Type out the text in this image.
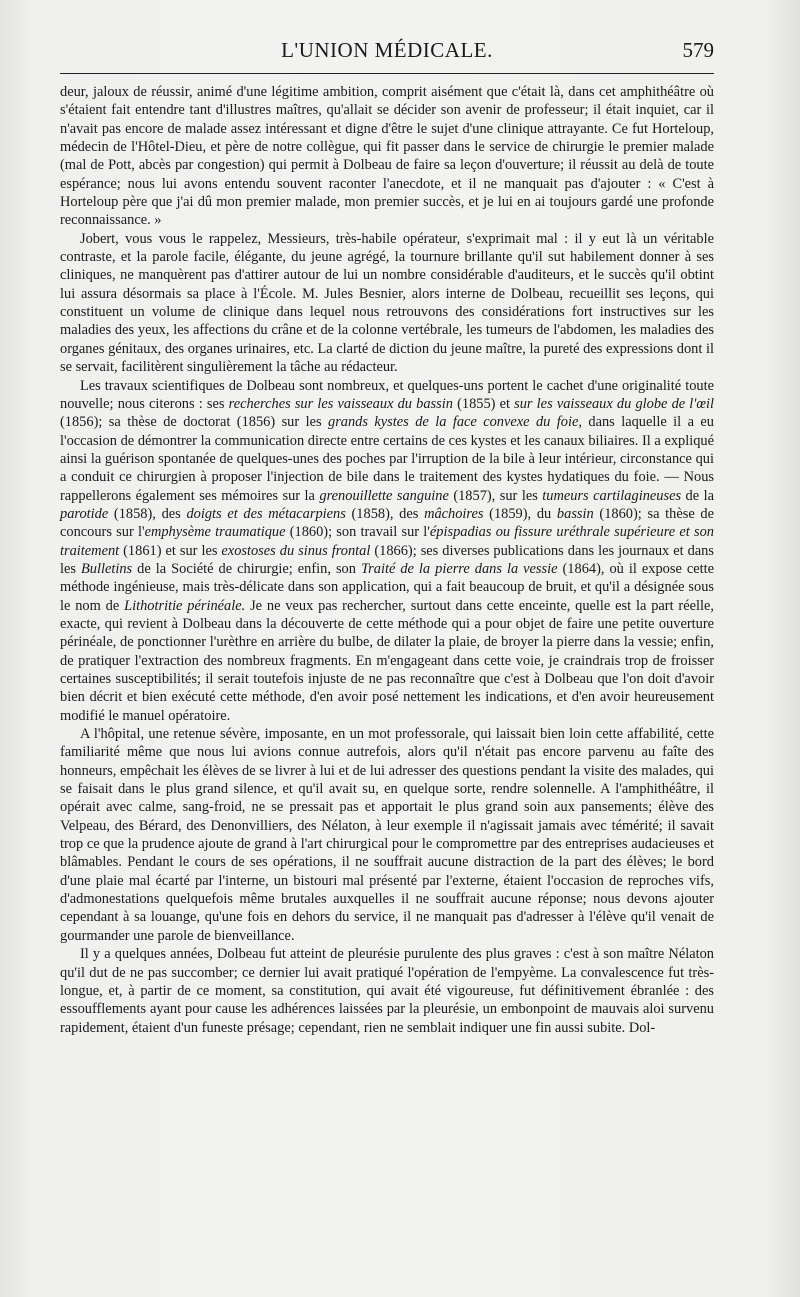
L'UNION MÉDICALE.	579

deur, jaloux de réussir, animé d'une légitime ambition, comprit aisément que c'était là, dans cet amphithéâtre où s'étaient fait entendre tant d'illustres maîtres, qu'allait se décider son avenir de professeur; il était inquiet, car il n'avait pas encore de malade assez intéressant et digne d'être le sujet d'une clinique attrayante. Ce fut Horteloup, médecin de l'Hôtel-Dieu, et père de notre collègue, qui fit passer dans le service de chirurgie le premier malade (mal de Pott, abcès par congestion) qui permit à Dolbeau de faire sa leçon d'ouverture; il réussit au delà de toute espérance; nous lui avons entendu souvent raconter l'anecdote, et il ne manquait pas d'ajouter : « C'est à Horteloup père que j'ai dû mon premier malade, mon premier succès, et je lui en ai toujours gardé une profonde reconnaissance. »

Jobert, vous vous le rappelez, Messieurs, très-habile opérateur, s'exprimait mal : il y eut là un véritable contraste, et la parole facile, élégante, du jeune agrégé, la tournure brillante qu'il sut habilement donner à ses cliniques, ne manquèrent pas d'attirer autour de lui un nombre considérable d'auditeurs, et le succès qu'il obtint lui assura désormais sa place à l'École. M. Jules Besnier, alors interne de Dolbeau, recueillit ses leçons, qui constituent un volume de clinique dans lequel nous retrouvons des considérations fort instructives sur les maladies des yeux, les affections du crâne et de la colonne vertébrale, les tumeurs de l'abdomen, les maladies des organes génitaux, des organes urinaires, etc. La clarté de diction du jeune maître, la pureté des expressions dont il se servait, facilitèrent singulièrement la tâche au rédacteur.

Les travaux scientifiques de Dolbeau sont nombreux, et quelques-uns portent le cachet d'une originalité toute nouvelle; nous citerons : ses recherches sur les vaisseaux du bassin (1855) et sur les vaisseaux du globe de l'œil (1856); sa thèse de doctorat (1856) sur les grands kystes de la face convexe du foie, dans laquelle il a eu l'occasion de démontrer la communication directe entre certains de ces kystes et les canaux biliaires. Il a expliqué ainsi la guérison spontanée de quelques-unes des poches par l'irruption de la bile à leur intérieur, circonstance qui a conduit ce chirurgien à proposer l'injection de bile dans le traitement des kystes hydatiques du foie. — Nous rappellerons également ses mémoires sur la grenouillette sanguine (1857), sur les tumeurs cartilagineuses de la parotide (1858), des doigts et des métacarpiens (1858), des mâchoires (1859), du bassin (1860); sa thèse de concours sur l'emphysème traumatique (1860); son travail sur l'épispadias ou fissure uréthrale supérieure et son traitement (1861) et sur les exostoses du sinus frontal (1866); ses diverses publications dans les journaux et dans les Bulletins de la Société de chirurgie; enfin, son Traité de la pierre dans la vessie (1864), où il expose cette méthode ingénieuse, mais très-délicate dans son application, qui a fait beaucoup de bruit, et qu'il a désignée sous le nom de Lithotritie périnéale. Je ne veux pas rechercher, surtout dans cette enceinte, quelle est la part réelle, exacte, qui revient à Dolbeau dans la découverte de cette méthode qui a pour objet de faire une petite ouverture périnéale, de ponctionner l'urèthre en arrière du bulbe, de dilater la plaie, de broyer la pierre dans la vessie; enfin, de pratiquer l'extraction des nombreux fragments. En m'engageant dans cette voie, je craindrais trop de froisser certaines susceptibilités; il serait toutefois injuste de ne pas reconnaître que c'est à Dolbeau que l'on doit d'avoir bien décrit et bien exécuté cette méthode, d'en avoir posé nettement les indications, et d'en avoir heureusement modifié le manuel opératoire.

A l'hôpital, une retenue sévère, imposante, en un mot professorale, qui laissait bien loin cette affabilité, cette familiarité même que nous lui avions connue autrefois, alors qu'il n'était pas encore parvenu au faîte des honneurs, empêchait les élèves de se livrer à lui et de lui adresser des questions pendant la visite des malades, qui se faisait dans le plus grand silence, et qu'il avait su, en quelque sorte, rendre solennelle. A l'amphithéâtre, il opérait avec calme, sang-froid, ne se pressait pas et apportait le plus grand soin aux pansements; élève des Velpeau, des Bérard, des Denonvilliers, des Nélaton, à leur exemple il n'agissait jamais avec témérité; il savait trop ce que la prudence ajoute de grand à l'art chirurgical pour le compromettre par des entreprises audacieuses et blâmables. Pendant le cours de ses opérations, il ne souffrait aucune distraction de la part des élèves; le bord d'une plaie mal écarté par l'interne, un bistouri mal présenté par l'externe, étaient l'occasion de reproches vifs, d'admonestations quelquefois même brutales auxquelles il ne souffrait aucune réponse; nous devons ajouter cependant à sa louange, qu'une fois en dehors du service, il ne manquait pas d'adresser à l'élève qu'il venait de gourmander une parole de bienveillance.

Il y a quelques années, Dolbeau fut atteint de pleurésie purulente des plus graves : c'est à son maître Nélaton qu'il dut de ne pas succomber; ce dernier lui avait pratiqué l'opération de l'empyème. La convalescence fut très-longue, et, à partir de ce moment, sa constitution, qui avait été vigoureuse, fut définitivement ébranlée : des essoufflements ayant pour cause les adhérences laissées par la pleurésie, un embonpoint de mauvais aloi survenu rapidement, étaient d'un funeste présage; cependant, rien ne semblait indiquer une fin aussi subite. Dol-
